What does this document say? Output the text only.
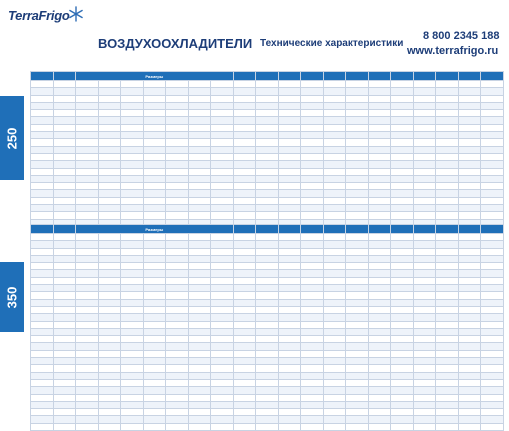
TerraFrigo
ВОЗДУХООХЛАДИТЕЛИ Технические характеристики
8 800 2345 188
www.terrafrigo.ru
250
350
		Размеры																		

		Размеры																		
